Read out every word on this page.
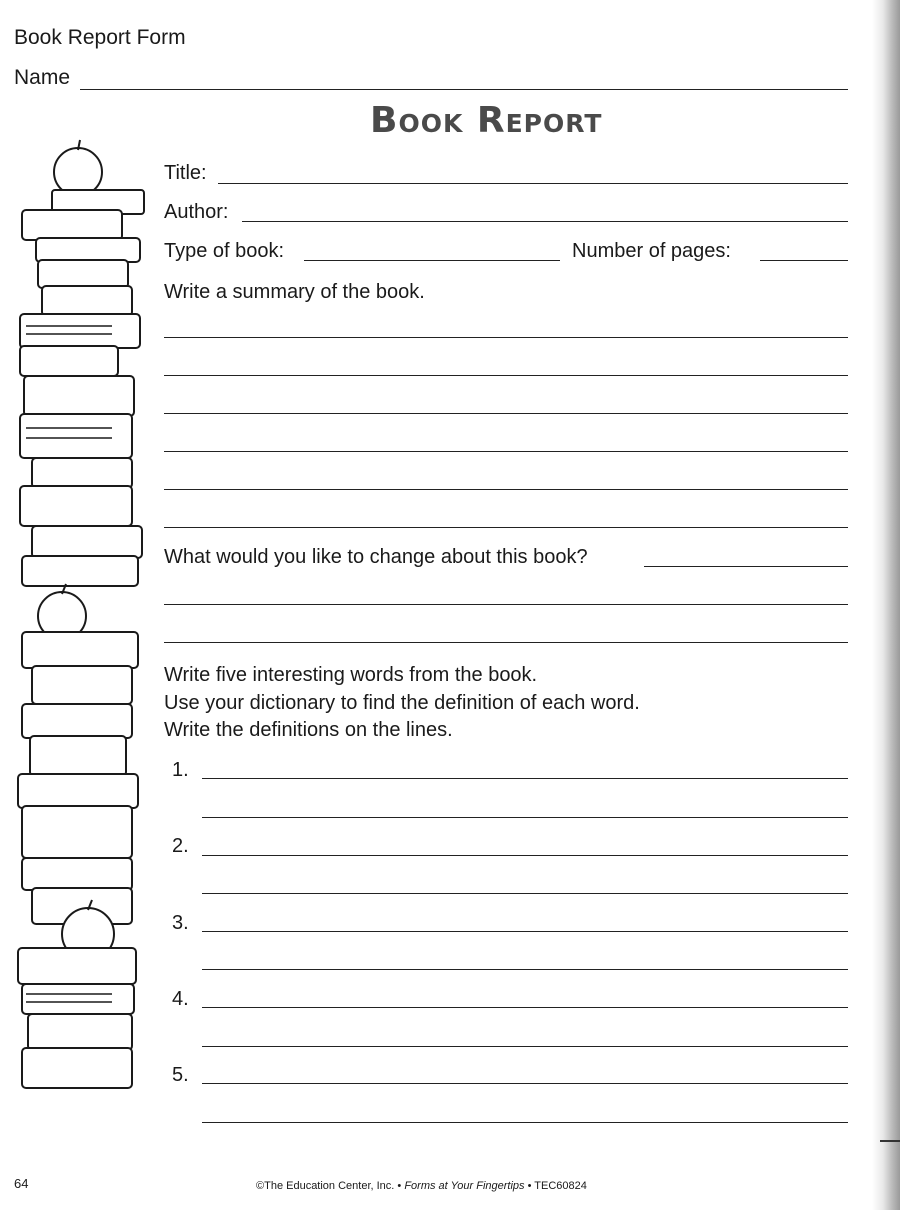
Book Report Form
Name
Book Report
Title:
Author:
Type of book:	Number of pages:
Write a summary of the book.
What would you like to change about this book?
Write five interesting words from the book.
Use your dictionary to find the definition of each word.
Write the definitions on the lines.
1.
2.
3.
4.
5.
64	©The Education Center, Inc. • Forms at Your Fingertips • TEC60824
